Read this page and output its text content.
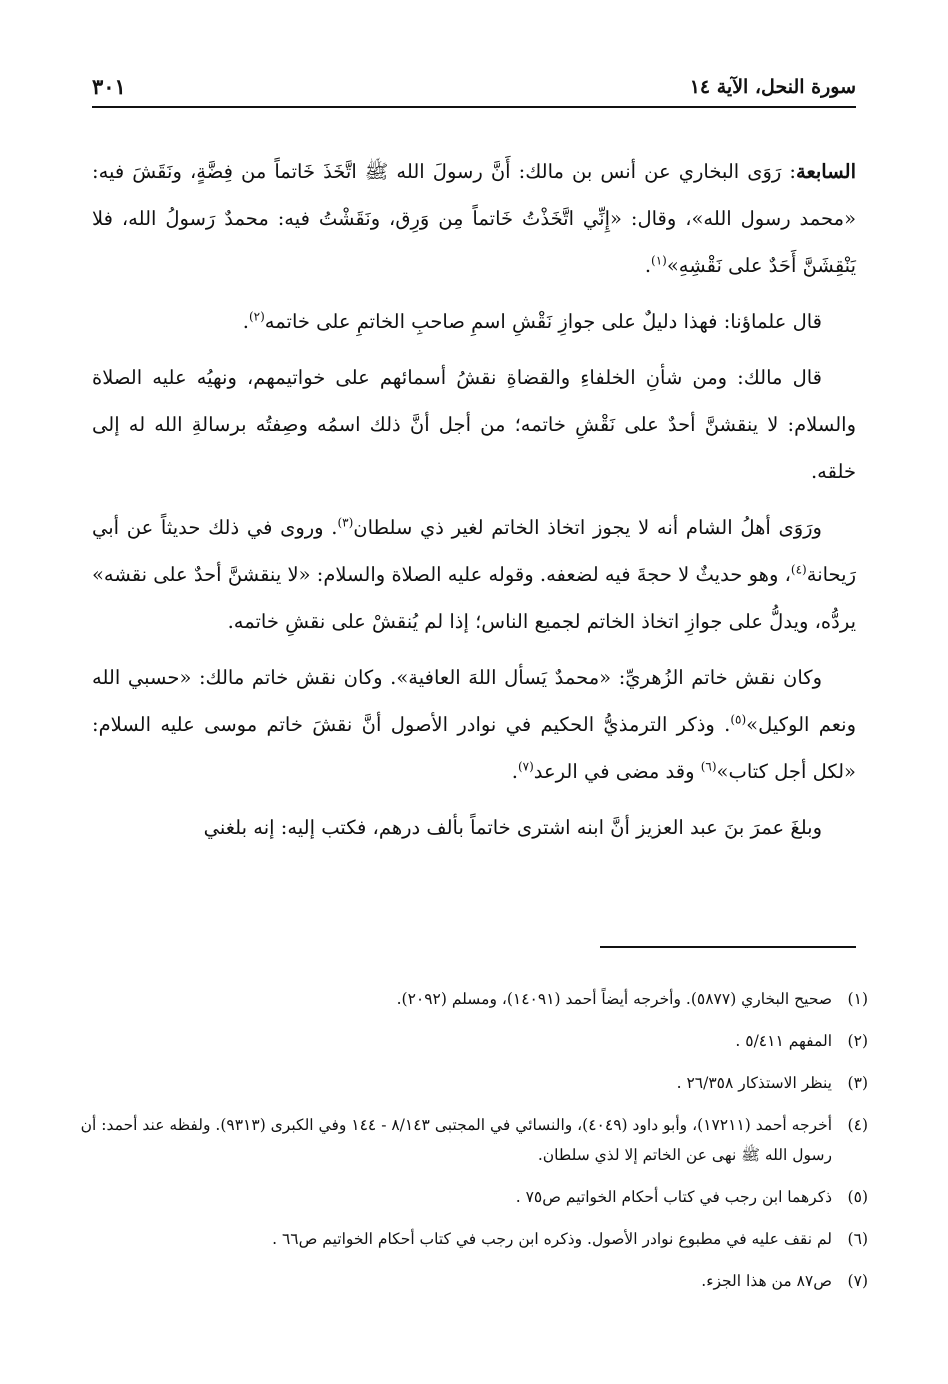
سورة النحل، الآية ١٤
٣٠١

السابعة: رَوَى البخاري عن أنس بن مالك: أَنَّ رسولَ الله ﷺ اتَّخَذَ خَاتماً من فِضَّةٍ، ونَقَشَ فيه: «محمد رسول الله»، وقال: «إِنِّي اتَّخَذْتُ خَاتماً مِن وَرِق، ونَقَشْتُ فيه: محمدٌ رَسولُ الله، فلا يَنْقِشَنَّ أَحَدٌ على نَقْشِهِ»$^{(١)}$.

قال علماؤنا: فهذا دليلٌ على جوازِ نَقْشِ اسمِ صاحبِ الخاتمِ على خاتمه$^{(٢)}$.

قال مالك: ومن شأنِ الخلفاءِ والقضاةِ نقشُ أسمائهم على خواتيمهم، ونهيُه عليه الصلاة والسلام: لا ينقشنَّ أحدٌ على نَقْشِ خاتمه؛ من أجل أنَّ ذلك اسمُه وصِفتُه برسالةِ الله له إلى خلقه.

ورَوَى أهلُ الشام أنه لا يجوز اتخاذ الخاتم لغير ذي سلطان$^{(٣)}$. وروى في ذلك حديثاً عن أبي رَيحانة$^{(٤)}$، وهو حديثٌ لا حجةَ فيه لضعفه. وقوله عليه الصلاة والسلام: «لا ينقشنَّ أحدٌ على نقشه» يردُّه، ويدلُّ على جوازِ اتخاذ الخاتم لجميع الناس؛ إذا لم يُنقشْ على نقشِ خاتمه.

وكان نقش خاتم الزُهريِّ: «محمدٌ يَسأل اللهَ العافية». وكان نقش خاتم مالك: «حسبي الله ونعم الوكيل»$^{(٥)}$. وذكر الترمذيُّ الحكيم في نوادر الأصول أنَّ نقشَ خاتم موسى عليه السلام: «لكل أجل كتاب»$^{(٦)}$ وقد مضى في الرعد$^{(٧)}$.

وبلغَ عمرَ بنَ عبد العزيز أنَّ ابنه اشترى خاتماً بألف درهم، فكتب إليه: إنه بلغني

(١)
صحيح البخاري (٥٨٧٧). وأخرجه أيضاً أحمد (١٤٠٩١)، ومسلم (٢٠٩٢).
(٢)
المفهم ٥/٤١١ .
(٣)
ينظر الاستذكار ٢٦/٣٥٨ .
(٤)
أخرجه أحمد (١٧٢١١)، وأبو داود (٤٠٤٩)، والنسائي في المجتبى ٨/١٤٣ - ١٤٤ وفي الكبرى (٩٣١٣). ولفظه عند أحمد: أن رسول الله ﷺ نهى عن الخاتم إلا لذي سلطان.
(٥)
ذكرهما ابن رجب في كتاب أحكام الخواتيم ص٧٥ .
(٦)
لم نقف عليه في مطبوع نوادر الأصول. وذكره ابن رجب في كتاب أحكام الخواتيم ص٦٦ .
(٧)
ص٨٧ من هذا الجزء.
